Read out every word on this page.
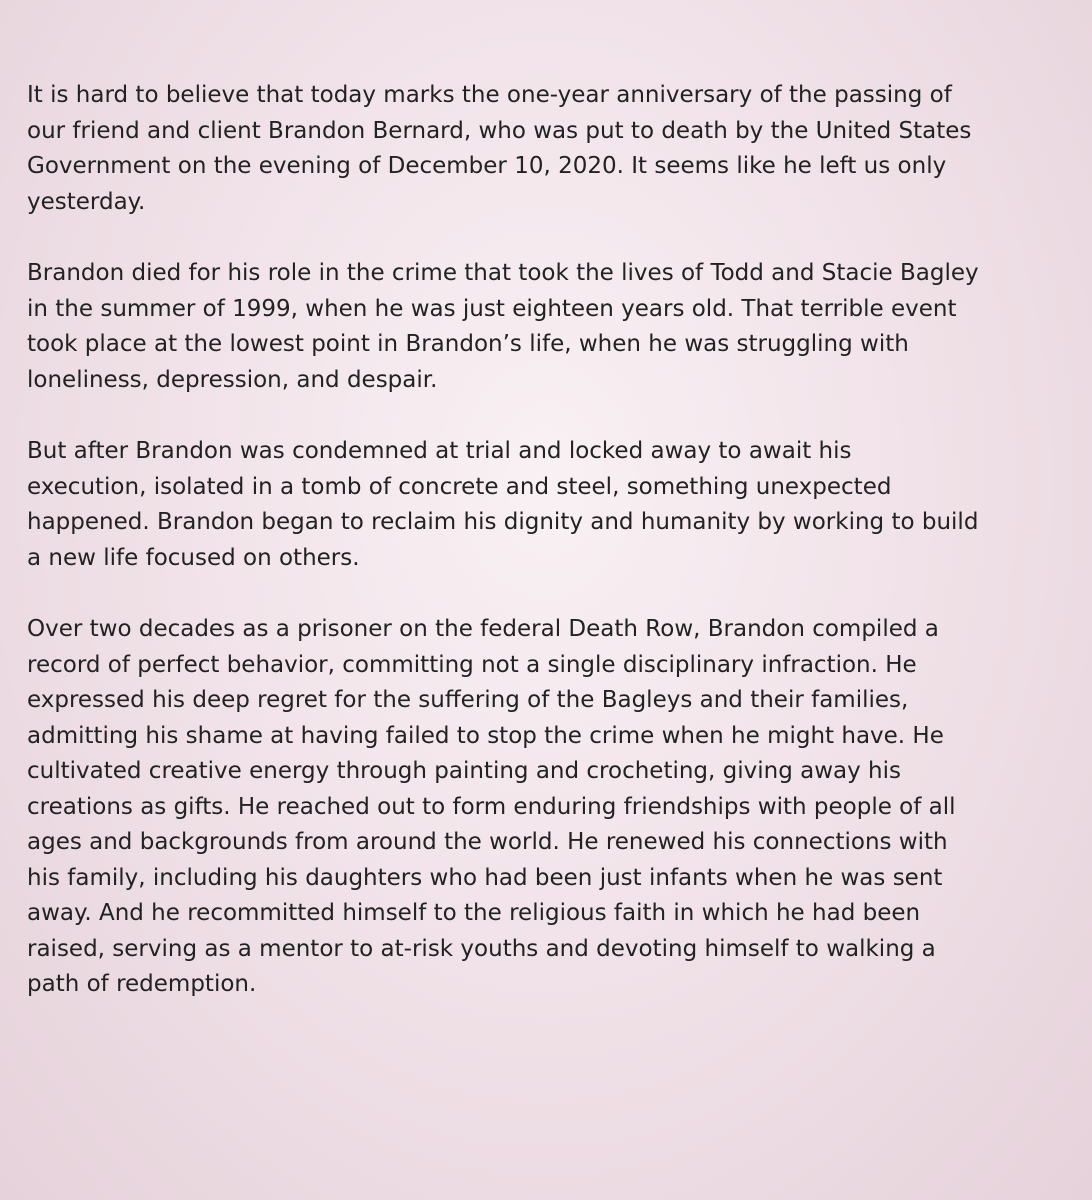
It is hard to believe that today marks the one-year anniversary of the passing of
our friend and client Brandon Bernard, who was put to death by the United States
Government on the evening of December 10, 2020. It seems like he left us only
yesterday.

Brandon died for his role in the crime that took the lives of Todd and Stacie Bagley
in the summer of 1999, when he was just eighteen years old. That terrible event
took place at the lowest point in Brandon’s life, when he was struggling with
loneliness, depression, and despair.

But after Brandon was condemned at trial and locked away to await his
execution, isolated in a tomb of concrete and steel, something unexpected
happened. Brandon began to reclaim his dignity and humanity by working to build
a new life focused on others.

Over two decades as a prisoner on the federal Death Row, Brandon compiled a
record of perfect behavior, committing not a single disciplinary infraction. He
expressed his deep regret for the suffering of the Bagleys and their families,
admitting his shame at having failed to stop the crime when he might have. He
cultivated creative energy through painting and crocheting, giving away his
creations as gifts. He reached out to form enduring friendships with people of all
ages and backgrounds from around the world. He renewed his connections with
his family, including his daughters who had been just infants when he was sent
away. And he recommitted himself to the religious faith in which he had been
raised, serving as a mentor to at-risk youths and devoting himself to walking a
path of redemption.
